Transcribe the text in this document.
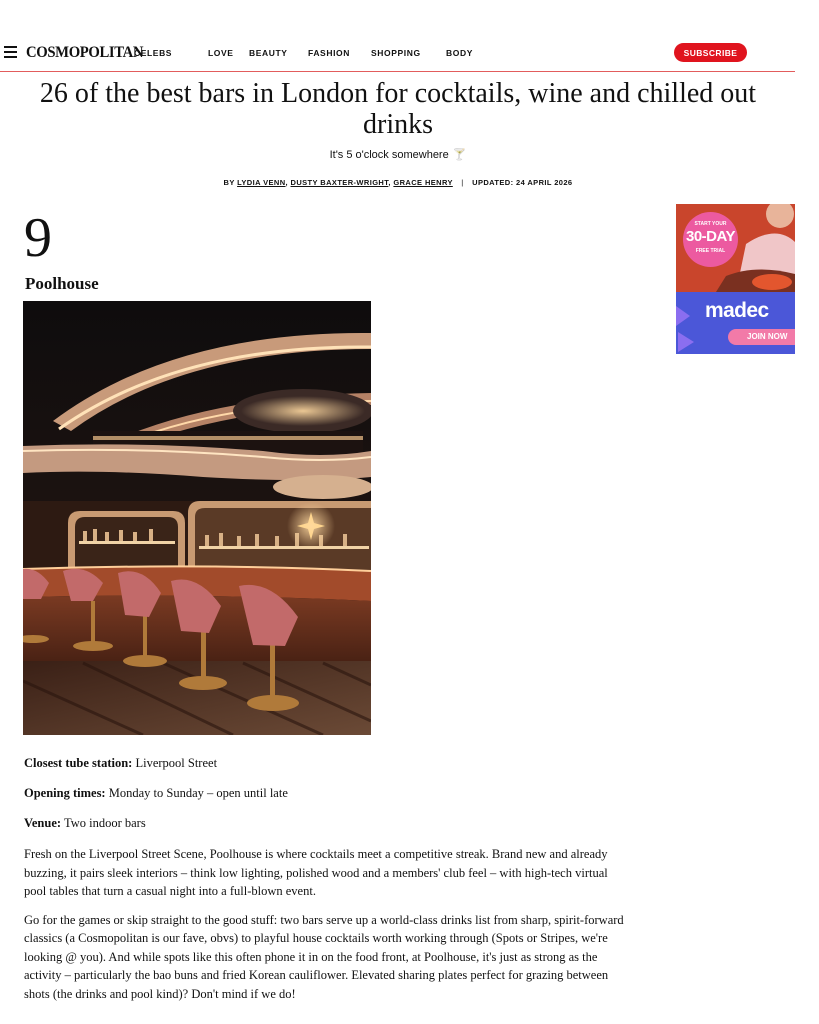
COSMOPOLITAN
CELEBS	LOVE	BEAUTY	FASHION	SHOPPING	BODY	SUBSCRIBE
26 of the best bars in London for cocktails, wine and chilled out drinks
It's 5 o'clock somewhere 🍸
BY LYDIA VENN, DUSTY BAXTER-WRIGHT, GRACE HENRY | UPDATED: 24 APRIL 2026
9
Poolhouse
Closest tube station: Liverpool Street
Opening times: Monday to Sunday – open until late
Venue: Two indoor bars

Fresh on the Liverpool Street Scene, Poolhouse is where cocktails meet a competitive streak. Brand new and already buzzing, it pairs sleek interiors – think low lighting, polished wood and a members' club feel – with high-tech virtual pool tables that turn a casual night into a full-blown event.

Go for the games or skip straight to the good stuff: two bars serve up a world-class drinks list from sharp, spirit-forward classics (a Cosmopolitan is our fave, obvs) to playful house cocktails worth working through (Spots or Stripes, we're looking @ you). And while spots like this often phone it in on the food front, at Poolhouse, it's just as strong as the activity – particularly the bao buns and fried Korean cauliflower. Elevated sharing plates perfect for grazing between shots (the drinks and pool kind)? Don't mind if we do!

START YOUR
30-DAY
FREE TRIAL
madec
JOIN NOW
